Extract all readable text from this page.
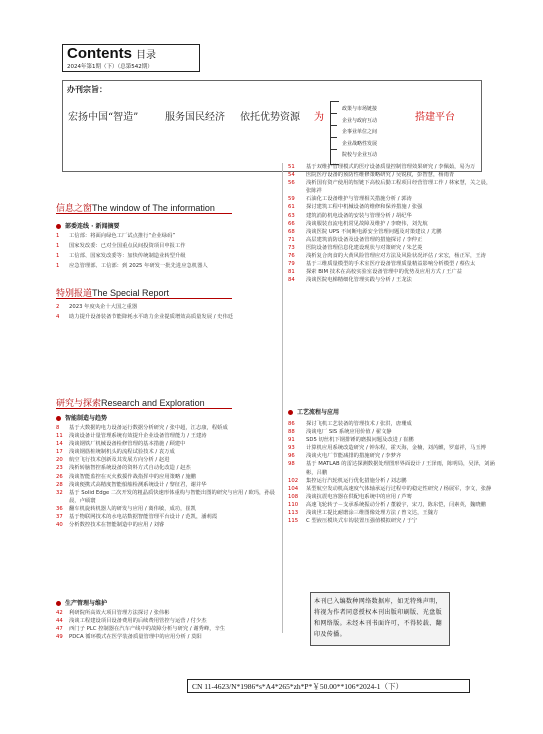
Contents 目录
2024年第1期（下）（总第542期）
办刊宗旨：
宏扬中国“智造”	服务国民经济 依托优势资源 为
政策与市场链接
企业与政府互动
企事业单位之间
企业战略性发展
院校与企业互动
搭建平台
信息之窗The window of The information
部委连线 · 新闻摘要
1	工信部：将面向绿色工厂试点推行“企业绿码”
1	国家发改委：已对全国重点民间投资项目申报工作
1	工信部、国家发改委等：加快传统制造业转型升级
1	应急管理部、工信部：到 2025 年研发一批先进应急机器人
特别报道The Special Report
2	2023 年度央企十大国之重器
4	助力提升设备装备节能降耗水平助力企业提质增效高质量发展 / 史伟廷
研究与探索Research and Exploration
智能制造与趋势
8	基于大数据的电力设备运行数据分析研究 / 张中超，江志康，程娇成
11	浅谈设备计量管理系统有效提升企业设备管理能力 / 王建涛
14	浅谈钢铁厂机械设备检修管理的基本措施 / 顾建中
17	浅谈钢筋桩统制机头的流程试验技术 / 袁万成
20	航空飞行技术创新及其发展方向分析 / 赵进
23	浅析转脑智控系统设备的资料方式自动化改造 / 赵杰
26	浅谈智能监控在灭火救援作战指挥中的应用策略 / 施鹏
28	浅谈便携式高精度智能船舶检测系统设计 / 黎征君，谢并华
32	基于 Solid Edge 二次开发的粗晶质快速形体重构与智能出图的研究与应用 / 欧玛，孙晨晨，卢硕寰
36	翻车机旋转机器人的研发与应用 / 离伟敏，成功，崔凯
37	基于物联网技术的水电站数据智能管理平台设计 / 范凯，潘莉霞
40	分析数控技术在智能制造中的应用 / 刘睿
生产管理与维护
42	利研院所高效大项目管理方法探讨 / 张伟彬
44	浅谈工程建设项目设备费用的后续费用管控与运营 / 付少杰
47	西门子 PLC 控制器在汽车产线中的故障分析与研究 / 谢秀峰，辛生
49	PDCA 循环模式在医学装备质量管理中的应用分析 / 莫阳
51	基于双维护管理模式的医疗设备质量控制管理效果研究 / 李佩茹，易为万
54	医院医疗设备的预防性维修策略研究 / 吴锐权，彭智慧，杨雨青
56	浅析国有资产使用的短链下高校后勤工程项目经营管理工作 / 林家慧，关之晨，张陈祥
59	石油化工设备维护与管理相关措施分析 / 郭涛
61	探讨建筑工程中机械设备的维修和保养措施 / 张强
63	建筑消防机电设备的安装与管理分析 / 胡纪华
66	浅谈服装直流电机常见故障及维护 / 李晓伟，刘先航
68	浅谈医院 UPS 不间断电源安全管理问题及对策建议 / 尤鹏
71	高层建筑消防设备及设备管理的措施探讨 / 李仲正
73	医院设备管理信息化建设现状与对策研究 / 朱艺菱
76	浅析复合肉食的大黄风险管理应对方法及风险状况评估 / 宋宏，杨正军，王涛
79	基于三维质量模型的手术室医疗设备管理质量精益影响分析模型 / 蔡佐太
81	探索 BIM 技术在高校实验室设备管理中的优势及应用方式 / 王广益
84	浅谈医院电梯精细化管理实践与分析 / 王龙法
工艺流程与应用
86	探讨飞机工艺装备的管理技术 / 张洪，唐珊成
88	浅谈电厂 SIS 系统应用价值 / 翟文静
91	SD5 切丝机下钢排锤的磨损问题及改进 / 崔鹏
93	计算机应用系统改造研究 / 钟东程，霍天海，金楠，刘芮麒，罗嘉祥，马玉博
96	浅谈火电厂节能减排的措施研究 / 李梦齐
98	基于 MATLAB 的雷达探测数据处理图形界面设计 / 王泽雨，陈明局，吴泽，刘涵彬，吕鹏
102	集控运行汽轮机运行优化措施分析 / 刘志鹏
104	某型航空发动机高速度气体轴承运行过程中的稳定性研究 / 杨展军，李文，张静
108	浅谈抗震电容器在供配电系统中的应用 / 芦骞
110	高速飞轮转子－支承系统振动分析 / 董毅宇，宋刀，陈东恺，闫素英，魏晓鹏
113	浅谈世工提比耐磨涂三维图像处理方法 / 曾文达，王魏方
115	C 型液压模块式车钩装置压强值模拟研究 / 于宁
本刊已入编数种网络数据库，如无特殊声明，将视为作者同意授权本刊出版印刷版、光盘版和网络版。未经本刊书面许可，不得转载、翻印及传播。
CN 11-4623/N*1986*s*A4*265*zh*P*￥50.00**106*2024-1（下）
